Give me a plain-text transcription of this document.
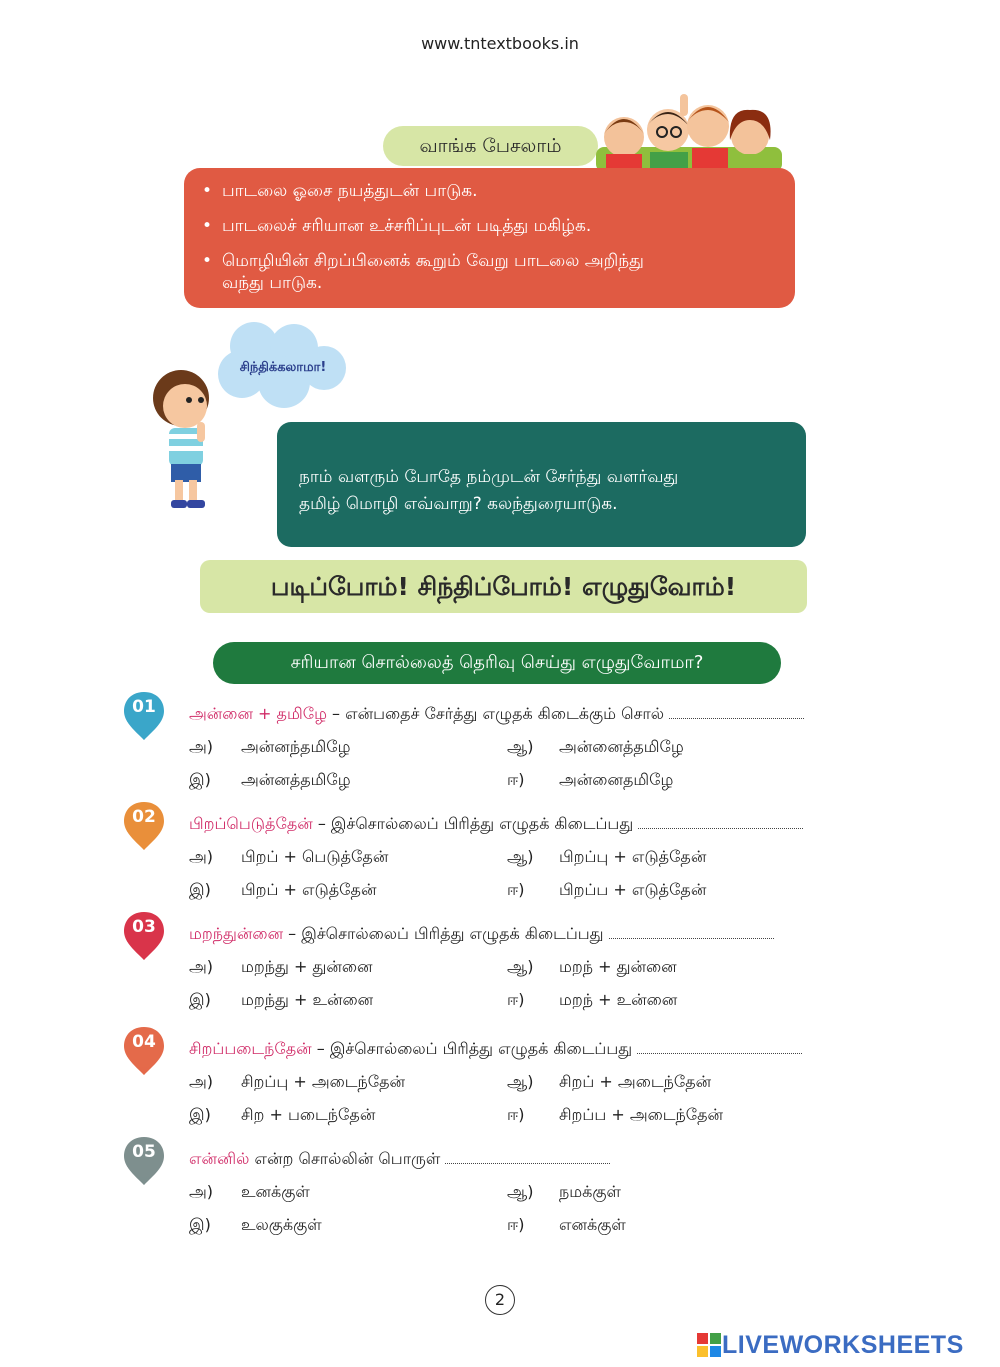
www.tntextbooks.in
வாங்க பேசலாம்
• பாடலை ஓசை நயத்துடன் பாடுக.
• பாடலைச் சரியான உச்சரிப்புடன் படித்து மகிழ்க.
• மொழியின் சிறப்பினைக் கூறும் வேறு பாடலை அறிந்து வந்து பாடுக.
சிந்திக்கலாமா!

நாம் வளரும் போதே நம்முடன் சேர்ந்து வளர்வது
தமிழ் மொழி எவ்வாறு? கலந்துரையாடுக.

படிப்போம்! சிந்திப்போம்! எழுதுவோம்!
சரியான சொல்லைத் தெரிவு செய்து எழுதுவோமா?
01	அன்னை + தமிழே – என்பதைச் சேர்த்து எழுதக் கிடைக்கும் சொல்
அ) அன்னந்தமிழே	ஆ) அன்னைத்தமிழே
இ) அன்னத்தமிழே	ஈ) அன்னைதமிழே
02	பிறப்பெடுத்தேன் – இச்சொல்லைப் பிரித்து எழுதக் கிடைப்பது
அ) பிறப் + பெடுத்தேன்	ஆ) பிறப்பு + எடுத்தேன்
இ) பிறப் + எடுத்தேன்	ஈ) பிறப்ப + எடுத்தேன்
03	மறந்துன்னை – இச்சொல்லைப் பிரித்து எழுதக் கிடைப்பது
அ) மறந்து + துன்னை	ஆ) மறந் + துன்னை
இ) மறந்து + உன்னை	ஈ) மறந் + உன்னை
04	சிறப்படைந்தேன் – இச்சொல்லைப் பிரித்து எழுதக் கிடைப்பது
அ) சிறப்பு + அடைந்தேன்	ஆ) சிறப் + அடைந்தேன்
இ) சிற + படைந்தேன்	ஈ) சிறப்ப + அடைந்தேன்
05	என்னில் என்ற சொல்லின் பொருள்
அ) உனக்குள்	ஆ) நமக்குள்
இ) உலகுக்குள்	ஈ) எனக்குள்
2
LIVEWORKSHEETS
